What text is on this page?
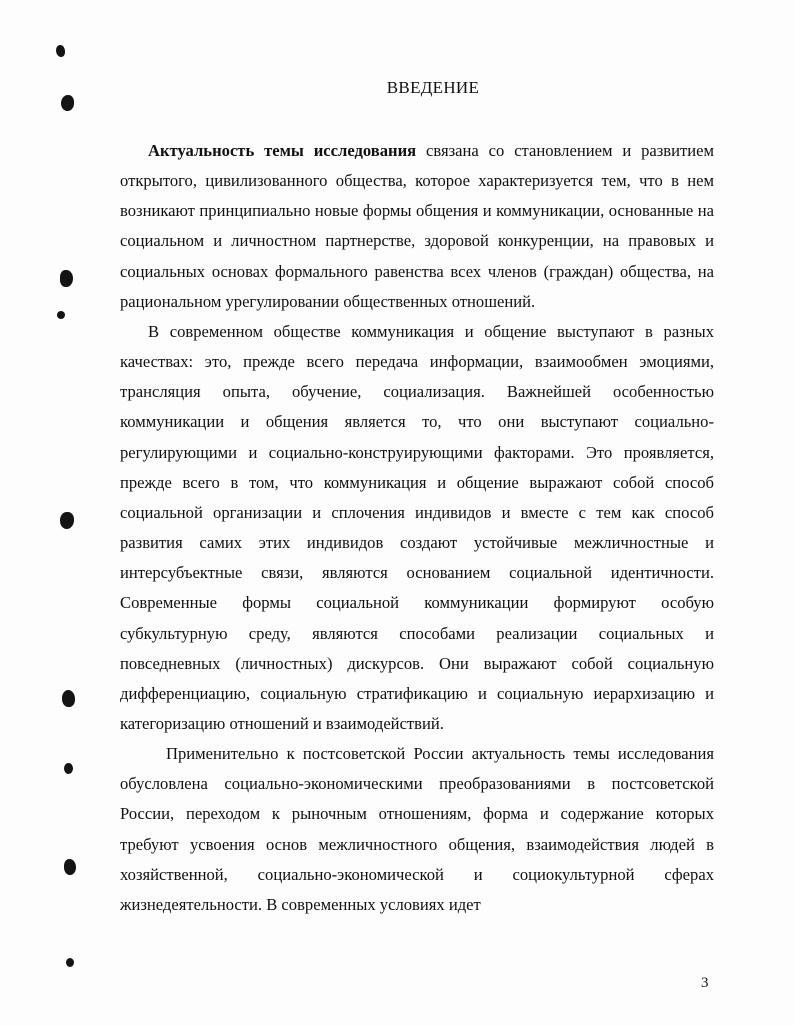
ВВЕДЕНИЕ

Актуальность темы исследования связана со становлением и развитием открытого, цивилизованного общества, которое характеризуется тем, что в нем возникают принципиально новые формы общения и коммуникации, основанные на социальном и личностном партнерстве, здоровой конкуренции, на правовых и социальных основах формального равенства всех членов (граждан) общества, на рациональном урегулировании общественных отношений.

В современном обществе коммуникация и общение выступают в разных качествах: это, прежде всего передача информации, взаимообмен эмоциями, трансляция опыта, обучение, социализация. Важнейшей особенностью коммуникации и общения является то, что они выступают социально-регулирующими и социально-конструирующими факторами. Это проявляется, прежде всего в том, что коммуникация и общение выражают собой способ социальной организации и сплочения индивидов и вместе с тем как способ развития самих этих индивидов создают устойчивые межличностные и интерсубъектные связи, являются основанием социальной идентичности. Современные формы социальной коммуникации формируют особую субкультурную среду, являются способами реализации социальных и повседневных (личностных) дискурсов. Они выражают собой социальную дифференциацию, социальную стратификацию и социальную иерархизацию и категоризацию отношений и взаимодействий.

Применительно к постсоветской России актуальность темы исследования обусловлена социально-экономическими преобразованиями в постсоветской России, переходом к рыночным отношениям, форма и содержание которых требуют усвоения основ межличностного общения, взаимодействия людей в хозяйственной, социально-экономической и социокультурной сферах жизнедеятельности. В современных условиях идет

3
